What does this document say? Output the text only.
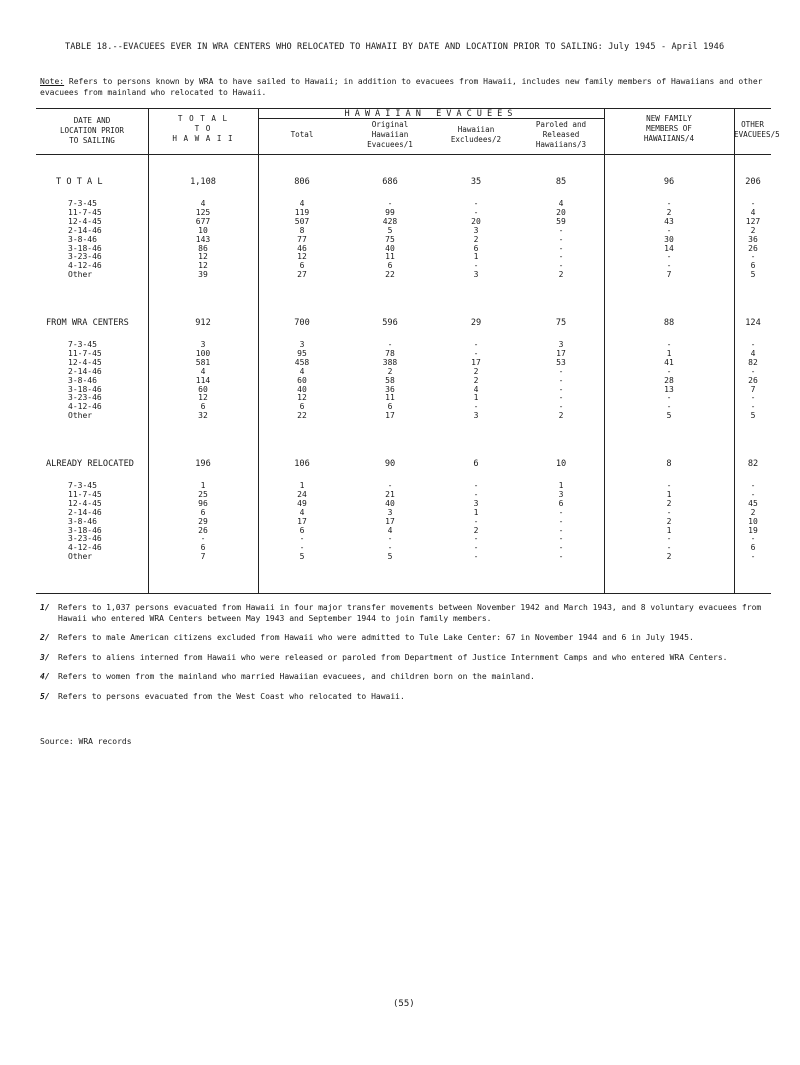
TABLE 18.--EVACUEES EVER IN WRA CENTERS WHO RELOCATED TO HAWAII BY DATE AND LOCATION PRIOR TO SAILING: July 1945 - April 1946
Note: Refers to persons known by WRA to have sailed to Hawaii; in addition to evacuees from Hawaii, includes new family members of Hawaiians and other evacuees from mainland who relocated to Hawaii.
DATE AND
LOCATION PRIOR
TO SAILING
T O T A L
T O
H A W A I I
HAWAIIAN EVACUEES
Total
Original
Hawaiian
Evacuees/1
Hawaiian
Excludees/2
Paroled and
Released
Hawaiians/3
NEW FAMILY
MEMBERS OF
HAWAIIANS/4
OTHER
EVACUEES/5
T O T A L	1,108	806	686	35	85	96	206
7-3-45	4	4	-	-	4	-	-
11-7-45	125	119	99	-	20	2	4
12-4-45	677	507	428	20	59	43	127
2-14-46	10	8	5	3	-	-	2
3-8-46	143	77	75	2	-	30	36
3-18-46	86	46	40	6	-	14	26
3-23-46	12	12	11	1	-	-	-
4-12-46	12	6	6	-	-	-	6
Other	39	27	22	3	2	7	5
FROM WRA CENTERS	912	700	596	29	75	88	124
7-3-45	3	3	-	-	3	-	-
11-7-45	100	95	78	-	17	1	4
12-4-45	581	458	388	17	53	41	82
2-14-46	4	4	2	2	-	-	-
3-8-46	114	60	58	2	-	28	26
3-18-46	60	40	36	4	-	13	7
3-23-46	12	12	11	1	-	-	-
4-12-46	6	6	6	-	-	-	-
Other	32	22	17	3	2	5	5
ALREADY RELOCATED	196	106	90	6	10	8	82
7-3-45	1	1	-	-	1	-	-
11-7-45	25	24	21	-	3	1	-
12-4-45	96	49	40	3	6	2	45
2-14-46	6	4	3	1	-	-	2
3-8-46	29	17	17	-	-	2	10
3-18-46	26	6	4	2	-	1	19
3-23-46	-	-	-	-	-	-	-
4-12-46	6	-	-	-	-	-	6
Other	7	5	5	-	-	2	-
1/ Refers to 1,037 persons evacuated from Hawaii in four major transfer movements between November 1942 and March 1943, and 8 voluntary evacuees from Hawaii who entered WRA Centers between May 1943 and September 1944 to join family members.
2/ Refers to male American citizens excluded from Hawaii who were admitted to Tule Lake Center: 67 in November 1944 and 6 in July 1945.
3/ Refers to aliens interned from Hawaii who were released or paroled from Department of Justice Internment Camps and who entered WRA Centers.
4/ Refers to women from the mainland who married Hawaiian evacuees, and children born on the mainland.
5/ Refers to persons evacuated from the West Coast who relocated to Hawaii.
Source: WRA records
(55)
